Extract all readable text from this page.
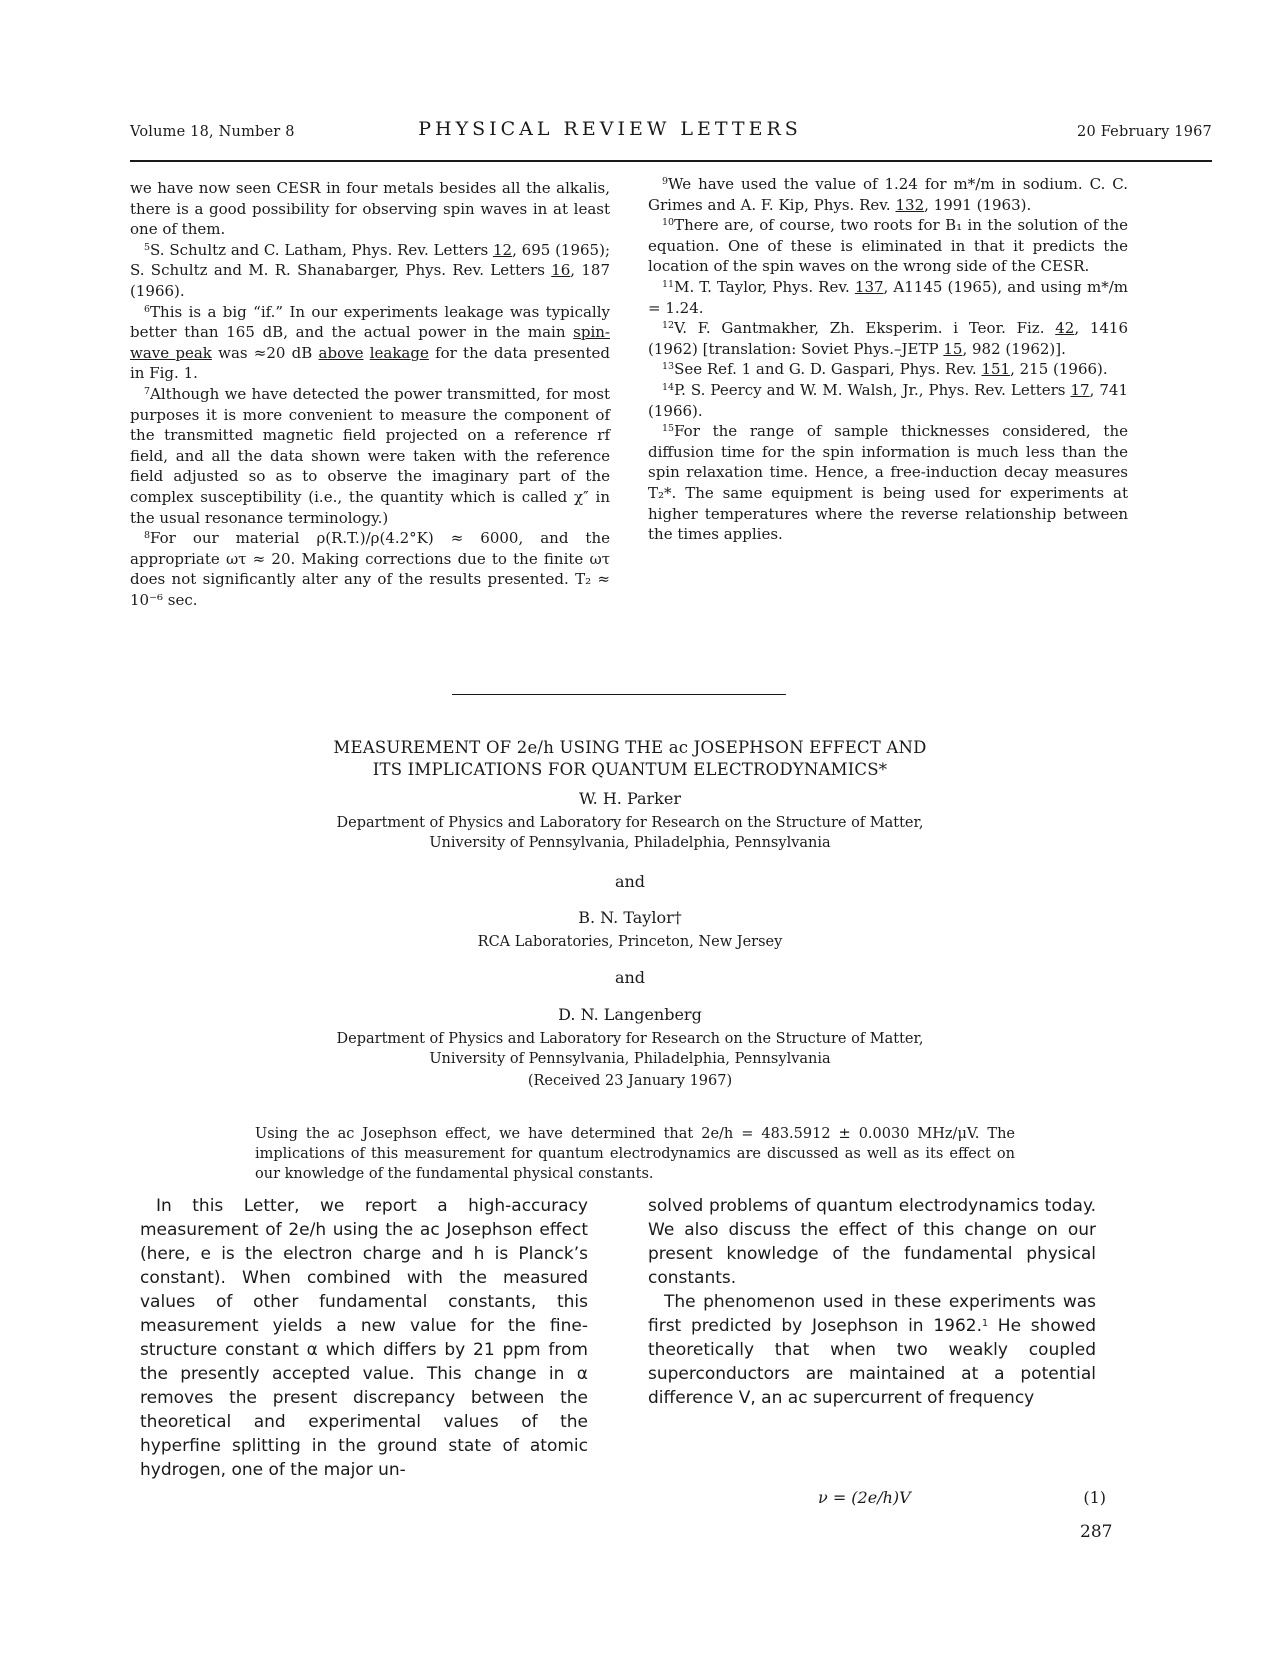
Volume 18, Number 8	PHYSICAL REVIEW LETTERS	20 February 1967

we have now seen CESR in four metals besides all the alkalis, there is a good possibility for observing spin waves in at least one of them.

$^5$S. Schultz and C. Latham, Phys. Rev. Letters 12, 695 (1965); S. Schultz and M. R. Shanabarger, Phys. Rev. Letters 16, 187 (1966).

$^6$This is a big “if.” In our experiments leakage was typically better than 165 dB, and the actual power in the main spin-wave peak was ≈20 dB above leakage for the data presented in Fig. 1.

$^7$Although we have detected the power transmitted, for most purposes it is more convenient to measure the component of the transmitted magnetic field projected on a reference rf field, and all the data shown were taken with the reference field adjusted so as to observe the imaginary part of the complex susceptibility (i.e., the quantity which is called χ″ in the usual resonance terminology.)

$^8$For our material ρ(R.T.)/ρ(4.2°K) ≈ 6000, and the appropriate ωτ ≈ 20. Making corrections due to the finite ωτ does not significantly alter any of the results presented. T₂ ≈ 10⁻⁶ sec.

$^9$We have used the value of 1.24 for m*/m in sodium. C. C. Grimes and A. F. Kip, Phys. Rev. 132, 1991 (1963).

$^{10}$There are, of course, two roots for B₁ in the solution of the equation. One of these is eliminated in that it predicts the location of the spin waves on the wrong side of the CESR.

$^{11}$M. T. Taylor, Phys. Rev. 137, A1145 (1965), and using m*/m = 1.24.

$^{12}$V. F. Gantmakher, Zh. Eksperim. i Teor. Fiz. 42, 1416 (1962) [translation: Soviet Phys.–JETP 15, 982 (1962)].

$^{13}$See Ref. 1 and G. D. Gaspari, Phys. Rev. 151, 215 (1966).

$^{14}$P. S. Peercy and W. M. Walsh, Jr., Phys. Rev. Letters 17, 741 (1966).

$^{15}$For the range of sample thicknesses considered, the diffusion time for the spin information is much less than the spin relaxation time. Hence, a free-induction decay measures T₂*. The same equipment is being used for experiments at higher temperatures where the reverse relationship between the times applies.

MEASUREMENT OF 2e/h USING THE ac JOSEPHSON EFFECT AND
ITS IMPLICATIONS FOR QUANTUM ELECTRODYNAMICS*
W. H. Parker
Department of Physics and Laboratory for Research on the Structure of Matter,
University of Pennsylvania, Philadelphia, Pennsylvania
and
B. N. Taylor†
RCA Laboratories, Princeton, New Jersey
and
D. N. Langenberg
Department of Physics and Laboratory for Research on the Structure of Matter,
University of Pennsylvania, Philadelphia, Pennsylvania
(Received 23 January 1967)
Using the ac Josephson effect, we have determined that 2e/h = 483.5912 ± 0.0030 MHz/μV. The implications of this measurement for quantum electrodynamics are discussed as well as its effect on our knowledge of the fundamental physical constants.

In this Letter, we report a high-accuracy measurement of 2e/h using the ac Josephson effect (here, e is the electron charge and h is Planck’s constant). When combined with the measured values of other fundamental constants, this measurement yields a new value for the fine-structure constant α which differs by 21 ppm from the presently accepted value. This change in α removes the present discrepancy between the theoretical and experimental values of the hyperfine splitting in the ground state of atomic hydrogen, one of the major un-

solved problems of quantum electrodynamics today. We also discuss the effect of this change on our present knowledge of the fundamental physical constants.

The phenomenon used in these experiments was first predicted by Josephson in 1962.$^1$ He showed theoretically that when two weakly coupled superconductors are maintained at a potential difference V, an ac supercurrent of frequency

ν = (2e/h)V	(1)
287
